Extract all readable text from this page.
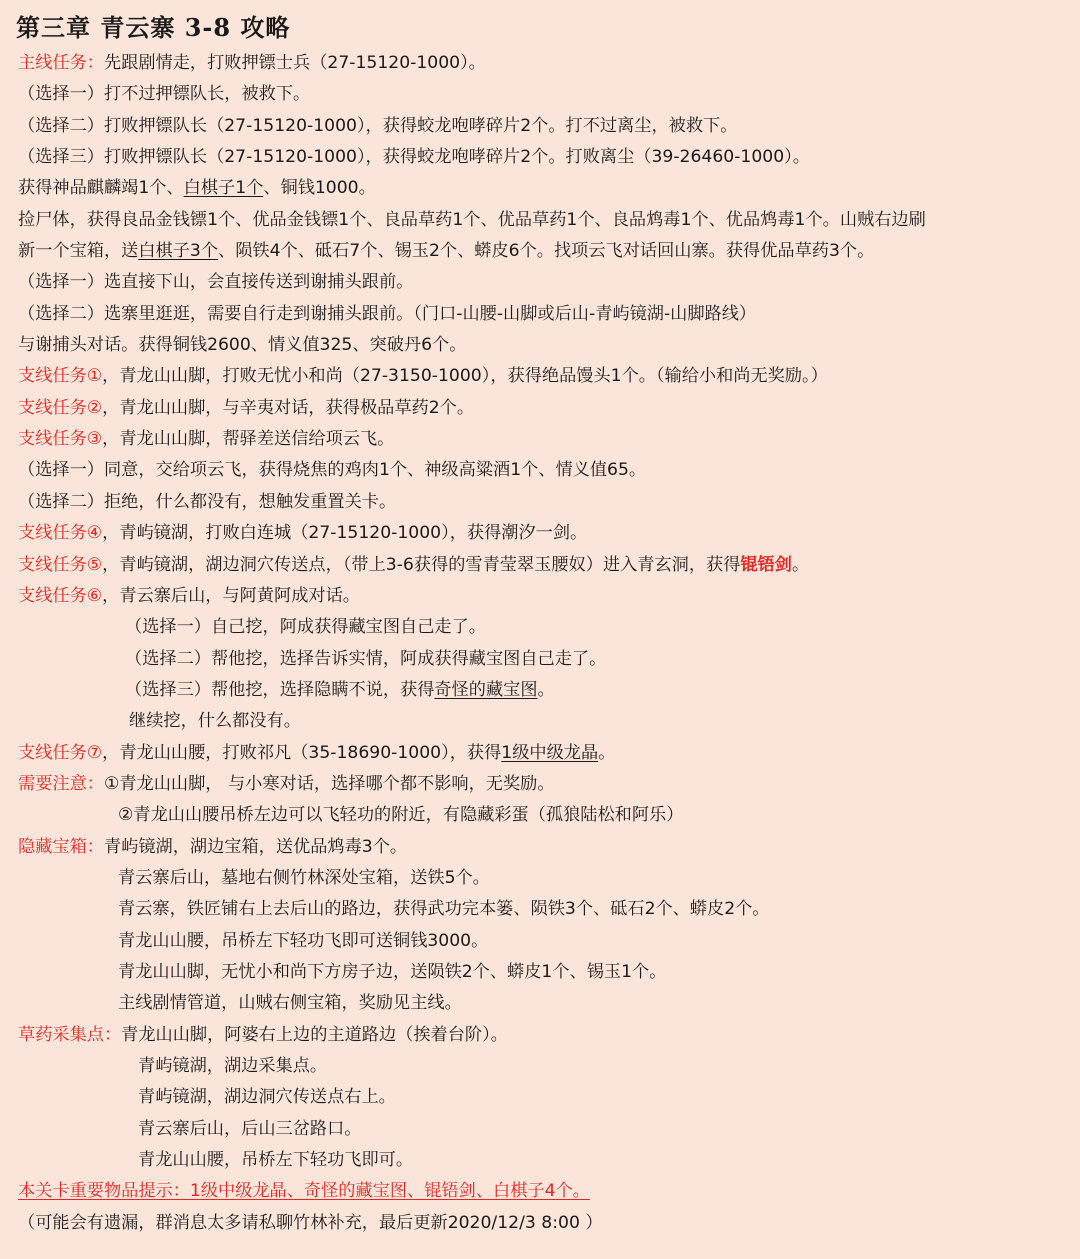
第三章 青云寨 3-8 攻略
主线任务：先跟剧情走，打败押镖士兵（27-15120-1000）。
（选择一）打不过押镖队长，被救下。
（选择二）打败押镖队长（27-15120-1000），获得蛟龙咆哮碎片2个。打不过离尘，被救下。
（选择三）打败押镖队长（27-15120-1000），获得蛟龙咆哮碎片2个。打败离尘（39-26460-1000）。
获得神品麒麟竭1个、白棋子1个、铜钱1000。
捡尸体，获得良品金钱镖1个、优品金钱镖1个、良品草药1个、优品草药1个、良品鸩毒1个、优品鸩毒1个。山贼右边刷
新一个宝箱，送白棋子3个、陨铁4个、砥石7个、锡玉2个、蟒皮6个。找项云飞对话回山寨。获得优品草药3个。
（选择一）选直接下山，会直接传送到谢捕头跟前。
（选择二）选寨里逛逛，需要自行走到谢捕头跟前。（门口-山腰-山脚或后山-青屿镜湖-山脚路线）
与谢捕头对话。获得铜钱2600、情义值325、突破丹6个。
支线任务①，青龙山山脚，打败无忧小和尚（27-3150-1000），获得绝品馒头1个。（输给小和尚无奖励。）
支线任务②，青龙山山脚，与辛夷对话，获得极品草药2个。
支线任务③，青龙山山脚，帮驿差送信给项云飞。
（选择一）同意，交给项云飞，获得烧焦的鸡肉1个、神级高粱酒1个、情义值65。
（选择二）拒绝，什么都没有，想触发重置关卡。
支线任务④，青屿镜湖，打败白连城（27-15120-1000），获得潮汐一剑。
支线任务⑤，青屿镜湖，湖边洞穴传送点，（带上3-6获得的雪青莹翠玉腰奴）进入青玄洞，获得锟铻剑。
支线任务⑥，青云寨后山，与阿黄阿成对话。
（选择一）自己挖，阿成获得藏宝图自己走了。
（选择二）帮他挖，选择告诉实情，阿成获得藏宝图自己走了。
（选择三）帮他挖，选择隐瞒不说，获得奇怪的藏宝图。
继续挖，什么都没有。
支线任务⑦，青龙山山腰，打败祁凡（35-18690-1000），获得1级中级龙晶。
需要注意：①青龙山山脚， 与小寒对话，选择哪个都不影响，无奖励。
②青龙山山腰吊桥左边可以飞轻功的附近，有隐藏彩蛋（孤狼陆松和阿乐）
隐藏宝箱：青屿镜湖，湖边宝箱，送优品鸩毒3个。
青云寨后山，墓地右侧竹林深处宝箱，送铁5个。
青云寨，铁匠铺右上去后山的路边，获得武功完本篓、陨铁3个、砥石2个、蟒皮2个。
青龙山山腰，吊桥左下轻功飞即可送铜钱3000。
青龙山山脚，无忧小和尚下方房子边，送陨铁2个、蟒皮1个、锡玉1个。
主线剧情管道，山贼右侧宝箱，奖励见主线。
草药采集点：青龙山山脚，阿婆右上边的主道路边（挨着台阶）。
青屿镜湖，湖边采集点。
青屿镜湖，湖边洞穴传送点右上。
青云寨后山，后山三岔路口。
青龙山山腰，吊桥左下轻功飞即可。
本关卡重要物品提示：1级中级龙晶、奇怪的藏宝图、锟铻剑、白棋子4个。
（可能会有遗漏，群消息太多请私聊竹林补充，最后更新2020/12/3 8:00 ）
